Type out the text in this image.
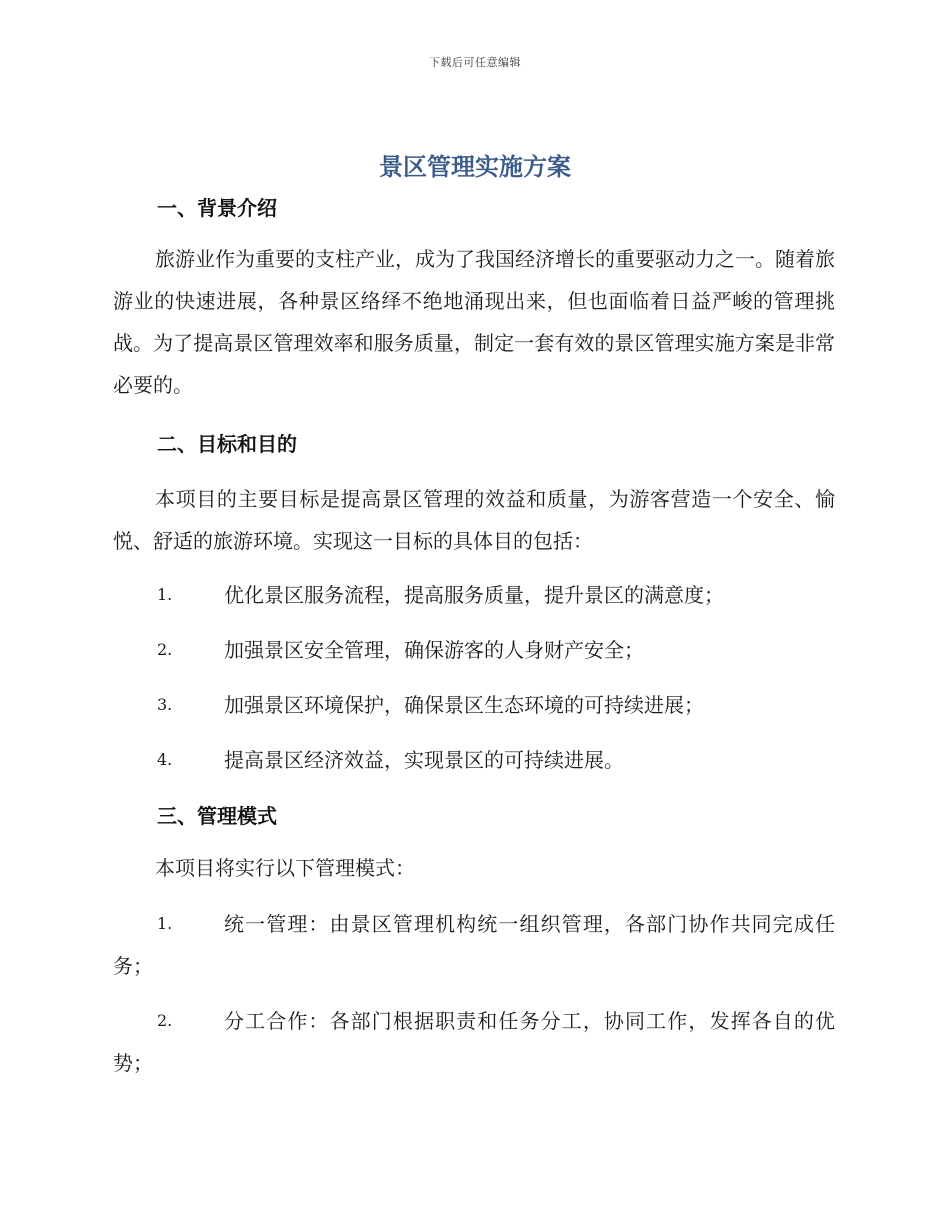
下载后可任意编辑
景区管理实施方案
一、背景介绍

旅游业作为重要的支柱产业，成为了我国经济增长的重要驱动力之一。随着旅游业的快速进展，各种景区络绎不绝地涌现出来，但也面临着日益严峻的管理挑战。为了提高景区管理效率和服务质量，制定一套有效的景区管理实施方案是非常必要的。

二、目标和目的

本项目的主要目标是提高景区管理的效益和质量，为游客营造一个安全、愉悦、舒适的旅游环境。实现这一目标的具体目的包括：

1.	优化景区服务流程，提高服务质量，提升景区的满意度；
2.	加强景区安全管理，确保游客的人身财产安全；
3.	加强景区环境保护，确保景区生态环境的可持续进展；
4.	提高景区经济效益，实现景区的可持续进展。
三、管理模式

本项目将实行以下管理模式：

1.	统一管理：由景区管理机构统一组织管理，各部门协作共同完成任务；
2.	分工合作：各部门根据职责和任务分工，协同工作，发挥各自的优势；
